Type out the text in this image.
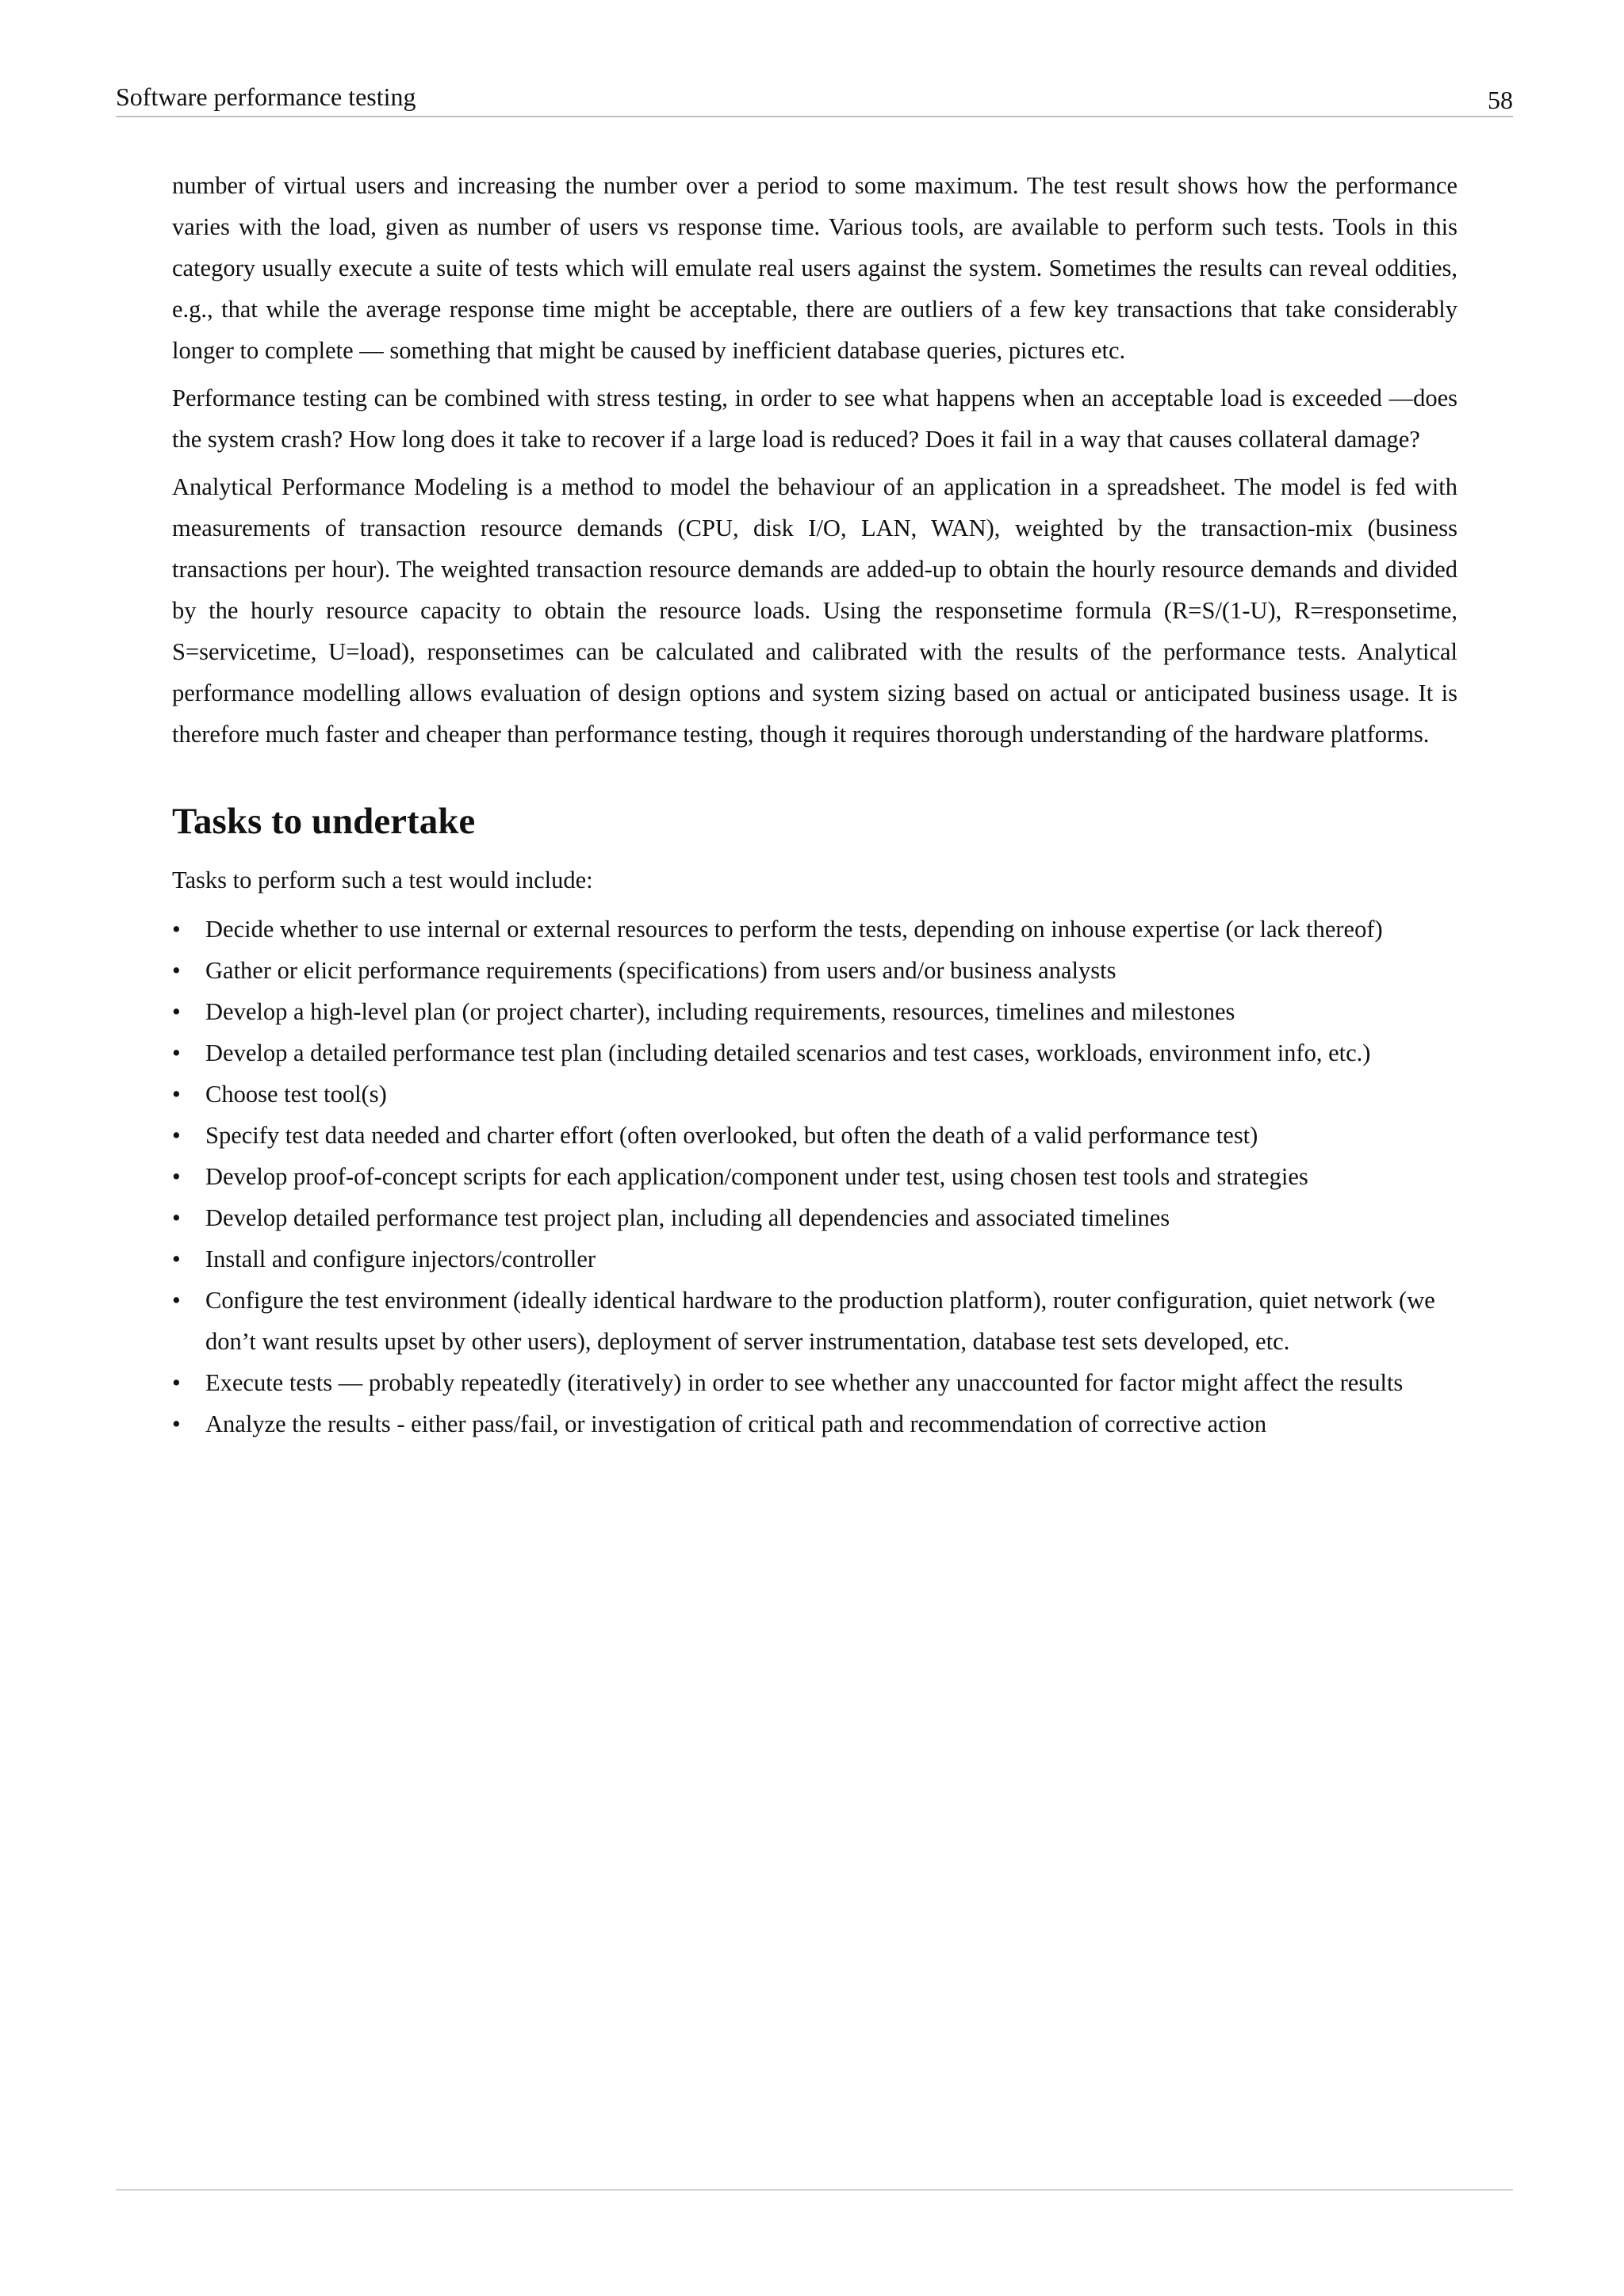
Software performance testing	58

number of virtual users and increasing the number over a period to some maximum. The test result shows how the performance varies with the load, given as number of users vs response time. Various tools, are available to perform such tests. Tools in this category usually execute a suite of tests which will emulate real users against the system. Sometimes the results can reveal oddities, e.g., that while the average response time might be acceptable, there are outliers of a few key transactions that take considerably longer to complete — something that might be caused by inefficient database queries, pictures etc.

Performance testing can be combined with stress testing, in order to see what happens when an acceptable load is exceeded —does the system crash? How long does it take to recover if a large load is reduced? Does it fail in a way that causes collateral damage?

Analytical Performance Modeling is a method to model the behaviour of an application in a spreadsheet. The model is fed with measurements of transaction resource demands (CPU, disk I/O, LAN, WAN), weighted by the transaction-mix (business transactions per hour). The weighted transaction resource demands are added-up to obtain the hourly resource demands and divided by the hourly resource capacity to obtain the resource loads. Using the responsetime formula (R=S/(1-U), R=responsetime, S=servicetime, U=load), responsetimes can be calculated and calibrated with the results of the performance tests. Analytical performance modelling allows evaluation of design options and system sizing based on actual or anticipated business usage. It is therefore much faster and cheaper than performance testing, though it requires thorough understanding of the hardware platforms.

Tasks to undertake

Tasks to perform such a test would include:

• Decide whether to use internal or external resources to perform the tests, depending on inhouse expertise (or lack thereof)
• Gather or elicit performance requirements (specifications) from users and/or business analysts
• Develop a high-level plan (or project charter), including requirements, resources, timelines and milestones
• Develop a detailed performance test plan (including detailed scenarios and test cases, workloads, environment info, etc.)
• Choose test tool(s)
• Specify test data needed and charter effort (often overlooked, but often the death of a valid performance test)
• Develop proof-of-concept scripts for each application/component under test, using chosen test tools and strategies
• Develop detailed performance test project plan, including all dependencies and associated timelines
• Install and configure injectors/controller
• Configure the test environment (ideally identical hardware to the production platform), router configuration, quiet network (we don’t want results upset by other users), deployment of server instrumentation, database test sets developed, etc.
• Execute tests — probably repeatedly (iteratively) in order to see whether any unaccounted for factor might affect the results
• Analyze the results - either pass/fail, or investigation of critical path and recommendation of corrective action
